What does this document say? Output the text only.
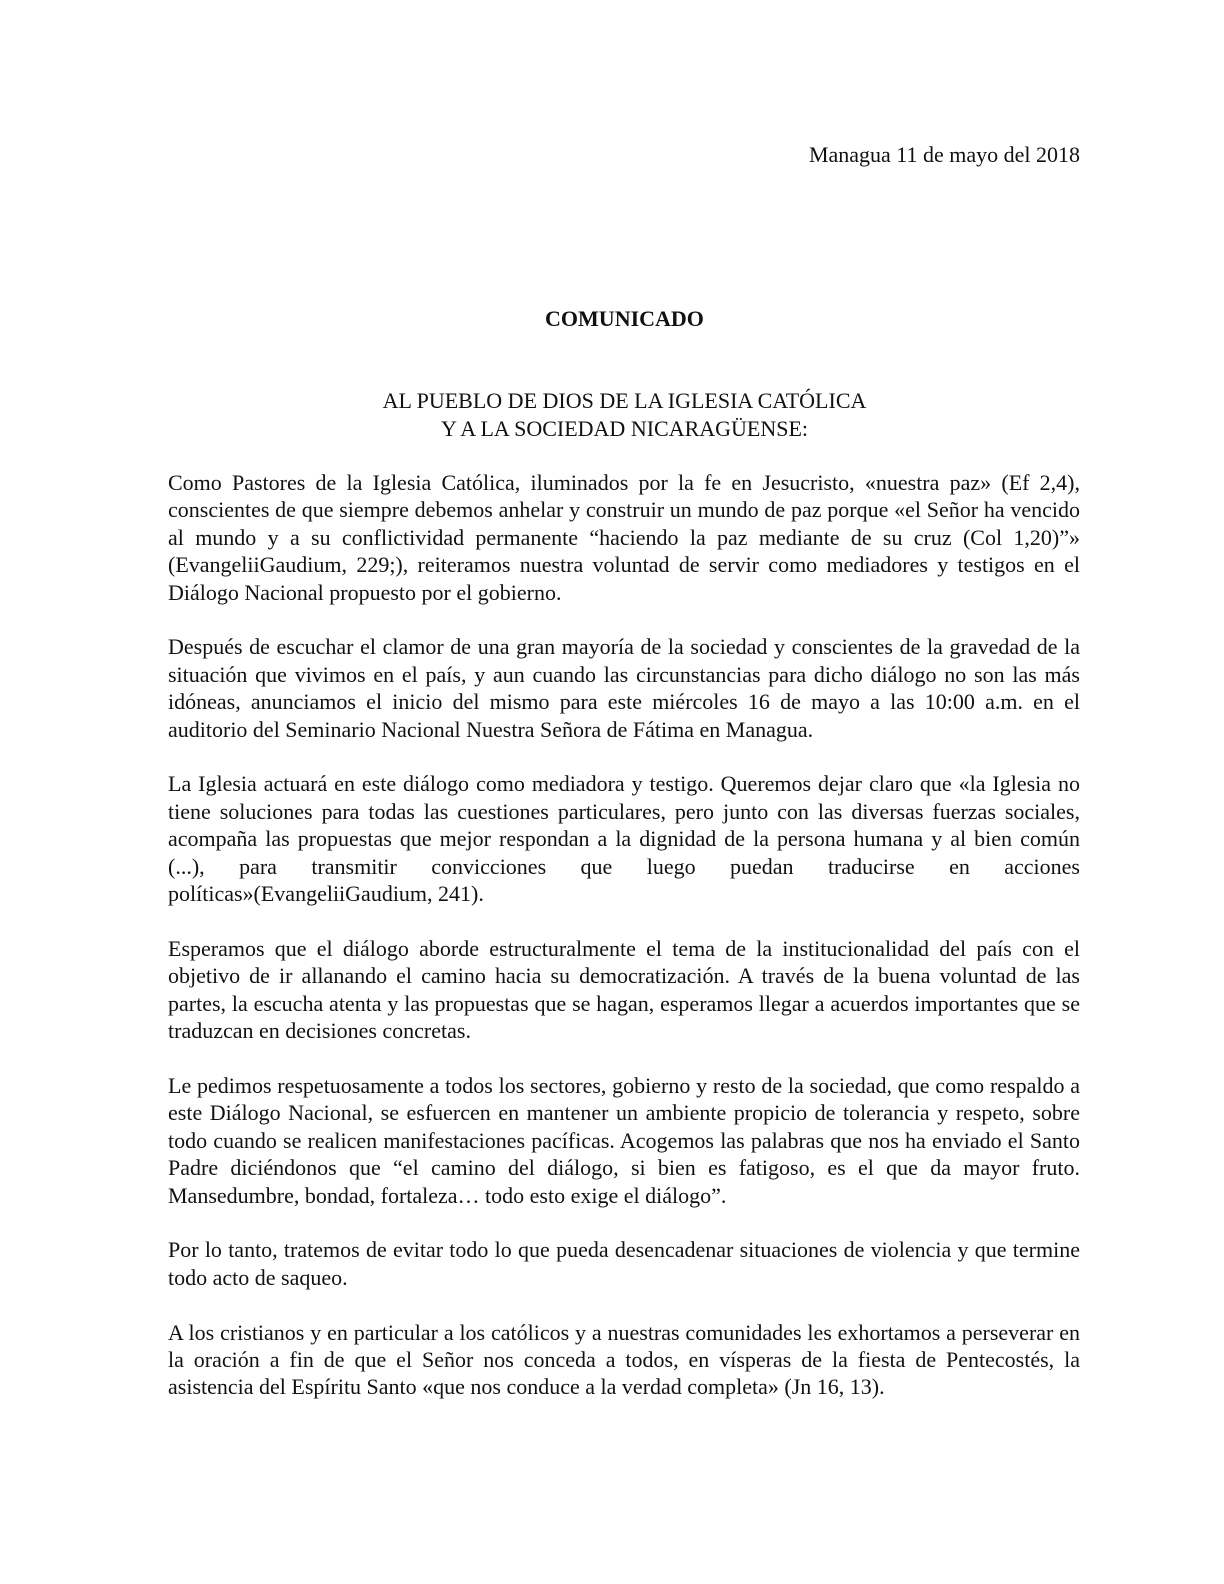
Managua 11 de mayo del 2018
COMUNICADO
AL PUEBLO DE DIOS DE LA IGLESIA CATÓLICA
Y A LA SOCIEDAD NICARAGÜENSE:

Como Pastores de la Iglesia Católica, iluminados por la fe en Jesucristo, «nuestra paz» (Ef 2,4), conscientes de que siempre debemos anhelar y construir un mundo de paz porque «el Señor ha vencido al mundo y a su conflictividad permanente “haciendo la paz mediante de su cruz (Col 1,20)”» (EvangeliiGaudium, 229;), reiteramos nuestra voluntad de servir como mediadores y testigos en el Diálogo Nacional propuesto por el gobierno.

Después de escuchar el clamor de una gran mayoría de la sociedad y conscientes de la gravedad de la situación que vivimos en el país, y aun cuando las circunstancias para dicho diálogo no son las más idóneas, anunciamos el inicio del mismo para este miércoles 16 de mayo a las 10:00 a.m. en el auditorio del Seminario Nacional Nuestra Señora de Fátima en Managua.

La Iglesia actuará en este diálogo como mediadora y testigo. Queremos dejar claro que «la Iglesia no tiene soluciones para todas las cuestiones particulares, pero junto con las diversas fuerzas sociales, acompaña las propuestas que mejor respondan a la dignidad de la persona humana y al bien común (...), para transmitir convicciones que luego puedan traducirse en acciones políticas»(EvangeliiGaudium, 241).

Esperamos que el diálogo aborde estructuralmente el tema de la institucionalidad del país con el objetivo de ir allanando el camino hacia su democratización. A través de la buena voluntad de las partes, la escucha atenta y las propuestas que se hagan, esperamos llegar a acuerdos importantes que se traduzcan en decisiones concretas.

Le pedimos respetuosamente a todos los sectores, gobierno y resto de la sociedad, que como respaldo a este Diálogo Nacional, se esfuercen en mantener un ambiente propicio de tolerancia y respeto, sobre todo cuando se realicen manifestaciones pacíficas. Acogemos las palabras que nos ha enviado el Santo Padre diciéndonos que “el camino del diálogo, si bien es fatigoso, es el que da mayor fruto. Mansedumbre, bondad, fortaleza… todo esto exige el diálogo”.

Por lo tanto, tratemos de evitar todo lo que pueda desencadenar situaciones de violencia y que termine todo acto de saqueo.

A los cristianos y en particular a los católicos y a nuestras comunidades les exhortamos a perseverar en la oración a fin de que el Señor nos conceda a todos, en vísperas de la fiesta de Pentecostés, la asistencia del Espíritu Santo «que nos conduce a la verdad completa» (Jn 16, 13).
